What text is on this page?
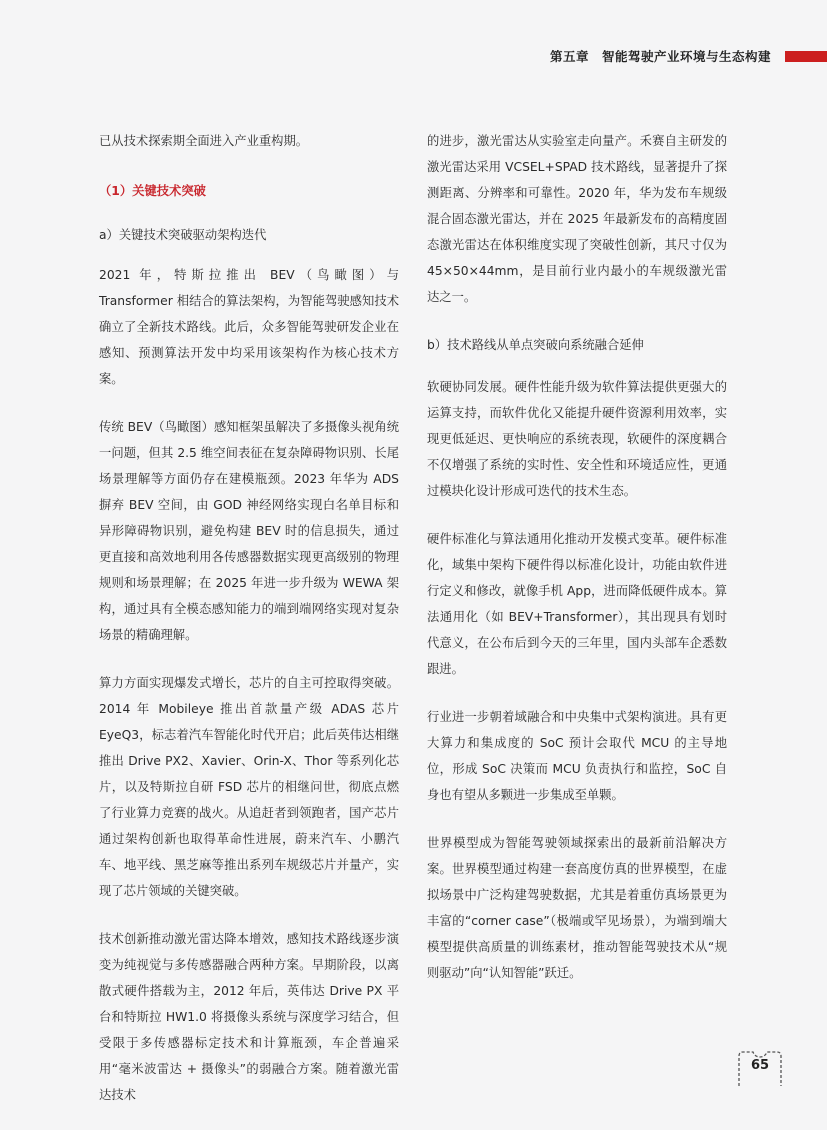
第五章　智能驾驶产业环境与生态构建

已从技术探索期全面进入产业重构期。

（1）关键技术突破

a）关键技术突破驱动架构迭代

2021 年，特斯拉推出 BEV（鸟瞰图）与 Transformer 相结合的算法架构，为智能驾驶感知技术确立了全新技术路线。此后，众多智能驾驶研发企业在感知、预测算法开发中均采用该架构作为核心技术方案。

传统 BEV（鸟瞰图）感知框架虽解决了多摄像头视角统一问题，但其 2.5 维空间表征在复杂障碍物识别、长尾场景理解等方面仍存在建模瓶颈。2023 年华为 ADS 摒弃 BEV 空间，由 GOD 神经网络实现白名单目标和异形障碍物识别，避免构建 BEV 时的信息损失，通过更直接和高效地利用各传感器数据实现更高级别的物理规则和场景理解；在 2025 年进一步升级为 WEWA 架构，通过具有全模态感知能力的端到端网络实现对复杂场景的精确理解。

算力方面实现爆发式增长，芯片的自主可控取得突破。2014 年 Mobileye 推出首款量产级 ADAS 芯片 EyeQ3，标志着汽车智能化时代开启；此后英伟达相继推出 Drive PX2、Xavier、Orin-X、Thor 等系列化芯片，以及特斯拉自研 FSD 芯片的相继问世，彻底点燃了行业算力竞赛的战火。从追赶者到领跑者，国产芯片通过架构创新也取得革命性进展，蔚来汽车、小鹏汽车、地平线、黑芝麻等推出系列车规级芯片并量产，实现了芯片领域的关键突破。

技术创新推动激光雷达降本增效，感知技术路线逐步演变为纯视觉与多传感器融合两种方案。早期阶段，以离散式硬件搭载为主，2012 年后，英伟达 Drive PX 平台和特斯拉 HW1.0 将摄像头系统与深度学习结合，但受限于多传感器标定技术和计算瓶颈，车企普遍采用“毫米波雷达 + 摄像头”的弱融合方案。随着激光雷达技术

的进步，激光雷达从实验室走向量产。禾赛自主研发的激光雷达采用 VCSEL+SPAD 技术路线，显著提升了探测距离、分辨率和可靠性。2020 年，华为发布车规级混合固态激光雷达，并在 2025 年最新发布的高精度固态激光雷达在体积维度实现了突破性创新，其尺寸仅为 45×50×44mm，是目前行业内最小的车规级激光雷达之一。

b）技术路线从单点突破向系统融合延伸

软硬协同发展。硬件性能升级为软件算法提供更强大的运算支持，而软件优化又能提升硬件资源利用效率，实现更低延迟、更快响应的系统表现，软硬件的深度耦合不仅增强了系统的实时性、安全性和环境适应性，更通过模块化设计形成可迭代的技术生态。

硬件标准化与算法通用化推动开发模式变革。硬件标准化，域集中架构下硬件得以标准化设计，功能由软件进行定义和修改，就像手机 App，进而降低硬件成本。算法通用化（如 BEV+Transformer），其出现具有划时代意义，在公布后到今天的三年里，国内头部车企悉数跟进。

行业进一步朝着域融合和中央集中式架构演进。具有更大算力和集成度的 SoC 预计会取代 MCU 的主导地位，形成 SoC 决策而 MCU 负责执行和监控，SoC 自身也有望从多颗进一步集成至单颗。

世界模型成为智能驾驶领域探索出的最新前沿解决方案。世界模型通过构建一套高度仿真的世界模型，在虚拟场景中广泛构建驾驶数据，尤其是着重仿真场景更为丰富的“corner case”（极端或罕见场景），为端到端大模型提供高质量的训练素材，推动智能驾驶技术从“规则驱动”向“认知智能”跃迁。

65
